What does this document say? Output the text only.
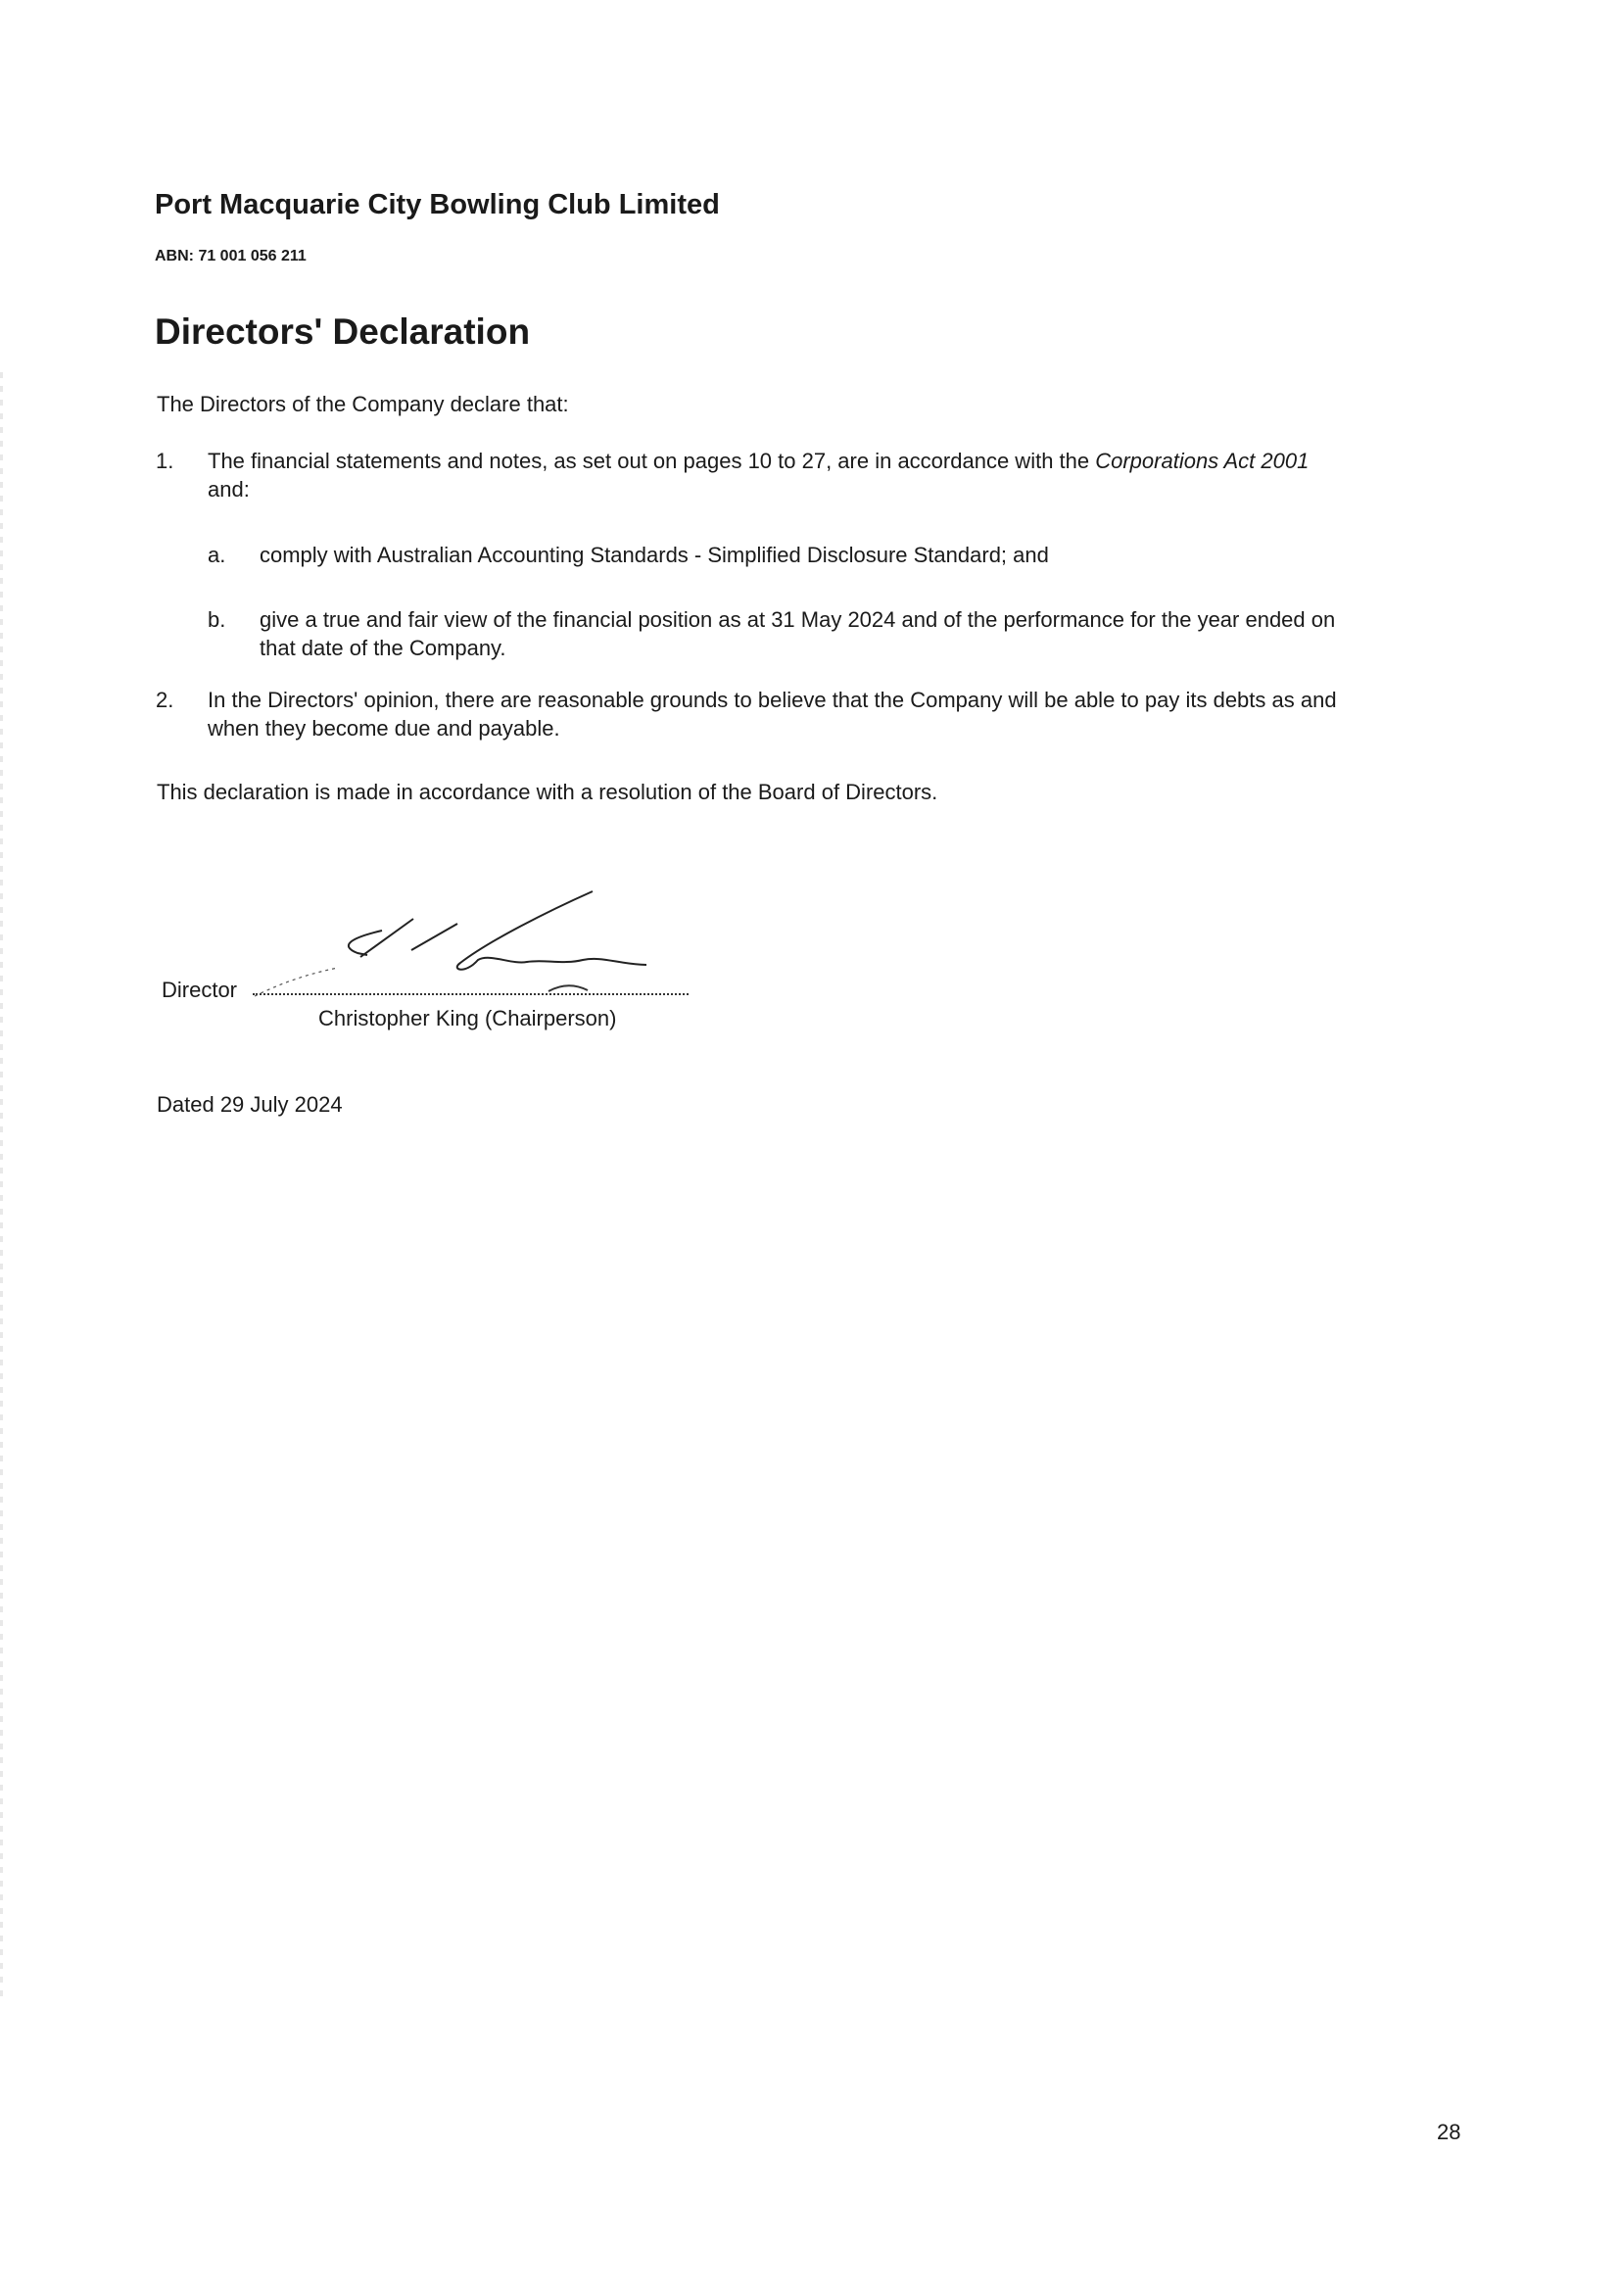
Port Macquarie City Bowling Club Limited
ABN: 71 001 056 211
Directors' Declaration
The Directors of the Company declare that:
1. The financial statements and notes, as set out on pages 10 to 27, are in accordance with the Corporations Act 2001
and:
a. comply with Australian Accounting Standards - Simplified Disclosure Standard; and
b. give a true and fair view of the financial position as at 31 May 2024 and of the performance for the year ended on
that date of the Company.
2. In the Directors' opinion, there are reasonable grounds to believe that the Company will be able to pay its debts as and
when they become due and payable.
This declaration is made in accordance with a resolution of the Board of Directors.
Director
Christopher King (Chairperson)
Dated 29 July 2024
28
